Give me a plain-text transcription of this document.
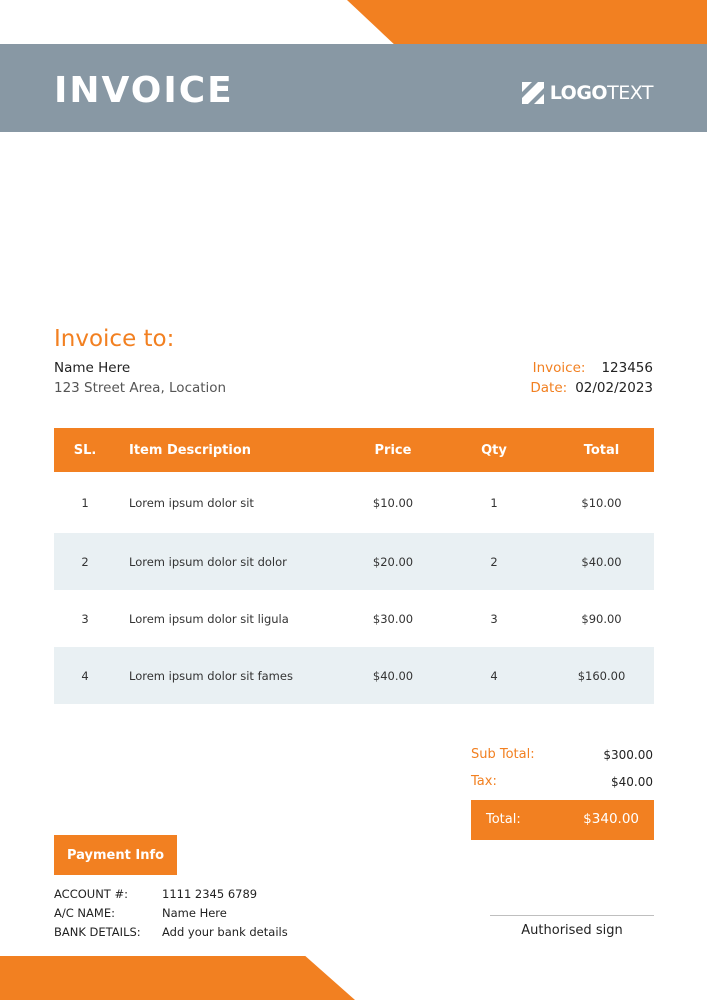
INVOICE	LOGOTEXT
Invoice to:
Name Here
123 Street Area, Location
Invoice: 123456
Date: 02/02/2023
SL.	Item Description	Price	Qty	Total
1	Lorem ipsum dolor sit	$10.00	1	$10.00
2	Lorem ipsum dolor sit dolor	$20.00	2	$40.00
3	Lorem ipsum dolor sit ligula	$30.00	3	$90.00
4	Lorem ipsum dolor sit fames	$40.00	4	$160.00
Sub Total:	$300.00
Tax:	$40.00
Total:	$340.00
Payment Info
ACCOUNT #:	1111 2345 6789
A/C NAME:	Name Here
BANK DETAILS: Add your bank details	Authorised sign
